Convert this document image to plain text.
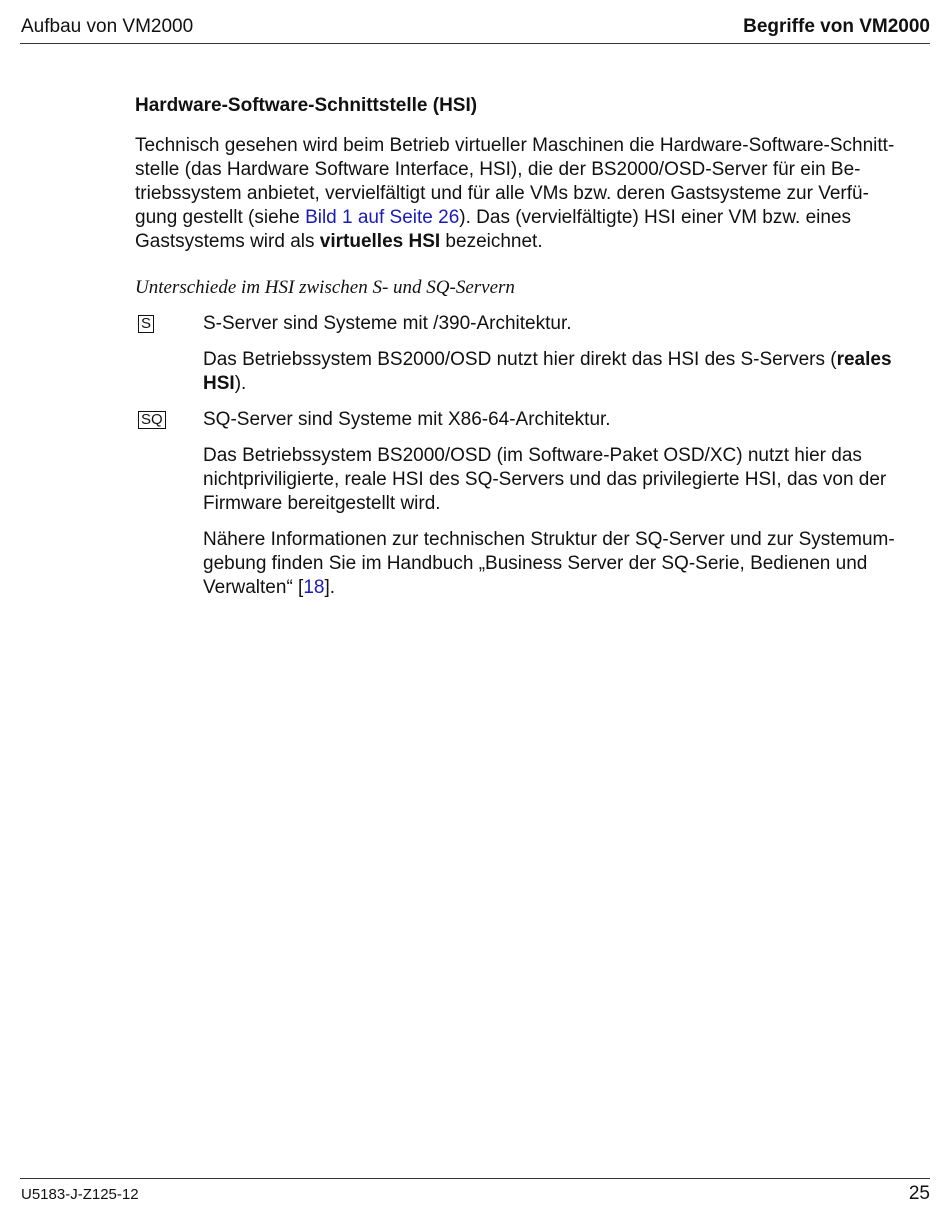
Aufbau von VM2000	Begriffe von VM2000

Hardware-Software-Schnittstelle (HSI)

Technisch gesehen wird beim Betrieb virtueller Maschinen die Hardware-Software-Schnitt-

stelle (das Hardware Software Interface, HSI), die der BS2000/OSD-Server für ein Be-

triebssystem anbietet, vervielfältigt und für alle VMs bzw. deren Gastsysteme zur Verfü-

gung gestellt (siehe Bild 1 auf Seite 26). Das (vervielfältigte) HSI einer VM bzw. eines

Gastsystems wird als virtuelles HSI bezeichnet.

Unterschiede im HSI zwischen S- und SQ-Servern

S	S-Server sind Systeme mit /390-Architektur.

Das Betriebssystem BS2000/OSD nutzt hier direkt das HSI des S-Servers (reales

HSI).

SQ SQ-Server sind Systeme mit X86-64-Architektur.

Das Betriebssystem BS2000/OSD (im Software-Paket OSD/XC) nutzt hier das

nichtpriviligierte, reale HSI des SQ-Servers und das privilegierte HSI, das von der

Firmware bereitgestellt wird.

Nähere Informationen zur technischen Struktur der SQ-Server und zur Systemum-

gebung finden Sie im Handbuch „Business Server der SQ-Serie, Bedienen und

Verwalten“ [18].

U5183-J-Z125-12	25
